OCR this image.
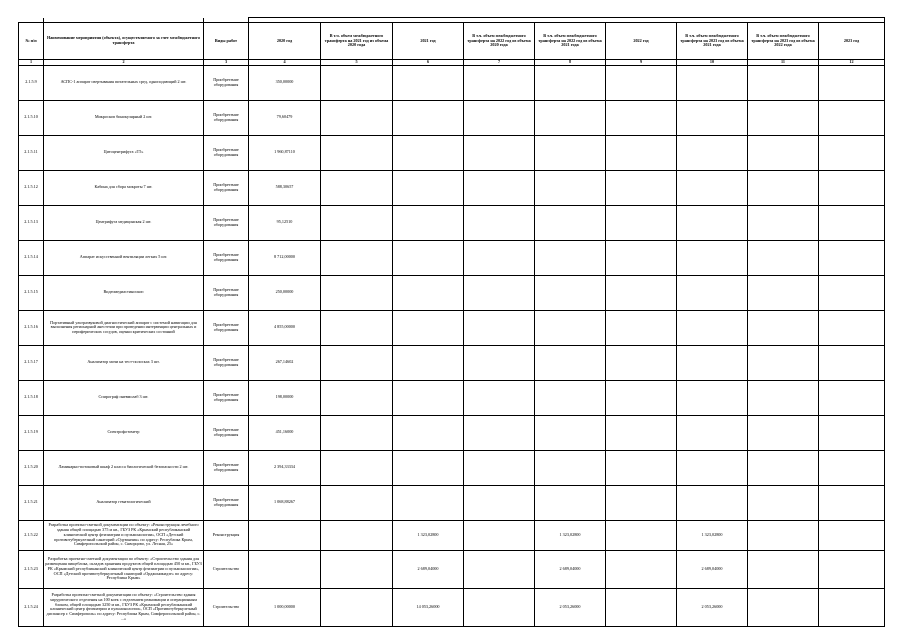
№ п/п	Наименование мероприятия (объекта), осуществляемого за счет межбюджетного трансферта	Виды работ	2020 год	В т.ч. объем межбюджетного трансферта на 2021 год из объема 2020 года	2021 год	В т.ч. объем межбюджетного трансферта на 2022 год из объема 2020 года	В т.ч. объем межбюджетного трансферта на 2022 год из объема 2021 года	2022 год	В т.ч. объем межбюджетного трансферта на 2023 год из объема 2021 года	В т.ч. объем межбюджетного трансферта на 2023 год из объема 2022 года	2023 год
1	2	3	4	5	6	7	8	9	10	11	12
2.1.5.9	АСПС-1 аппарат свертывания питательных сред, одноподающий 2 шт.	Приобретение оборудования	350,00000								
2.1.5.10	Микроскоп бинокулярный 2 шт.	Приобретение оборудования	79,60479								
2.1.5.11	Цитоцентрифуга «Т5»	Приобретение оборудования	1 960,87110								
2.1.5.12	Кабина для сбора мокроты 7 шт.	Приобретение оборудования	588,30657								
2.1.5.13	Центрифуга медицинская 2 шт.	Приобретение оборудования	95,12510								
2.1.5.14	Аппарат искусственной вентиляции легких 5 шт.	Приобретение оборудования	8 712,00000								
2.1.5.15	Видеомедиастиноскоп	Приобретение оборудования	250,00000								
2.1.5.16	Портативный ультразвуковой диагностический аппарат с системой навигации для выполнения регионарной анестезии при проведении интервенции центральных и периферических сосудов, оценки критических состояний	Приобретение оборудования	4 855,00000								
2.1.5.17	Анализатор мочи на тест-полосках 3 шт.	Приобретение оборудования	267,14602								
2.1.5.18	Спирограф пневмолаб 3 шт.	Приобретение оборудования	198,00000								
2.1.5.19	Спектрофотометр	Приобретение оборудования	451,16000								
2.1.5.20	Ламинарно-потоковый шкаф 2 класса биологической безопасности 2 шт.	Приобретение оборудования	2 394,33334								
2.1.5.21	Анализатор гематологический	Приобретение оборудования	1 068,88267								
2.1.5.22	Разработка проектно-сметной документации по объекту: «Реконструкция лечебного здания общей площадью 375 м кв., ГБУЗ РК «Крымский республиканский клинический центр фтизиатрии и пульмонологии», ОСП «Детский противотуберкулезный санаторий «Одуванчик» по адресу: Республика Крым, Симферопольский район, с. Скворцово, ул. Лесная, 25»	Реконструкция			1 323,02800		1 323,02800		1 323,02800		
2.1.5.23	Разработка проектно-сметной документации по объекту: «Строительство здания для размещения пищеблока, складов хранения продуктов общей площадью 450 м кв., ГБУЗ РК «Крымский республиканский клинический центр фтизиатрии и пульмонологии», ОСП «Детский противотуберкулезный санаторий «Орджоникидзе» по адресу: Республика Крым»	Строительство			2 689,04000		2 689,04000		2 689,04000		
2.1.5.24	Разработка проектно-сметной документации по объекту: «Строительство здания хирургического отделения на 100 коек с отделением реанимации и операционным блоком, общей площадью 3250 м кв., ГБУЗ РК «Крымский республиканский клинический центр фтизиатрии и пульмонологии», ОСП «Противотуберкулезный диспансер г. Симферополь» по адресу: Республика Крым, Симферопольский район, с. ...»	Строительство	1 000,00000		14 053,26000		2 053,26000		2 053,26000		
